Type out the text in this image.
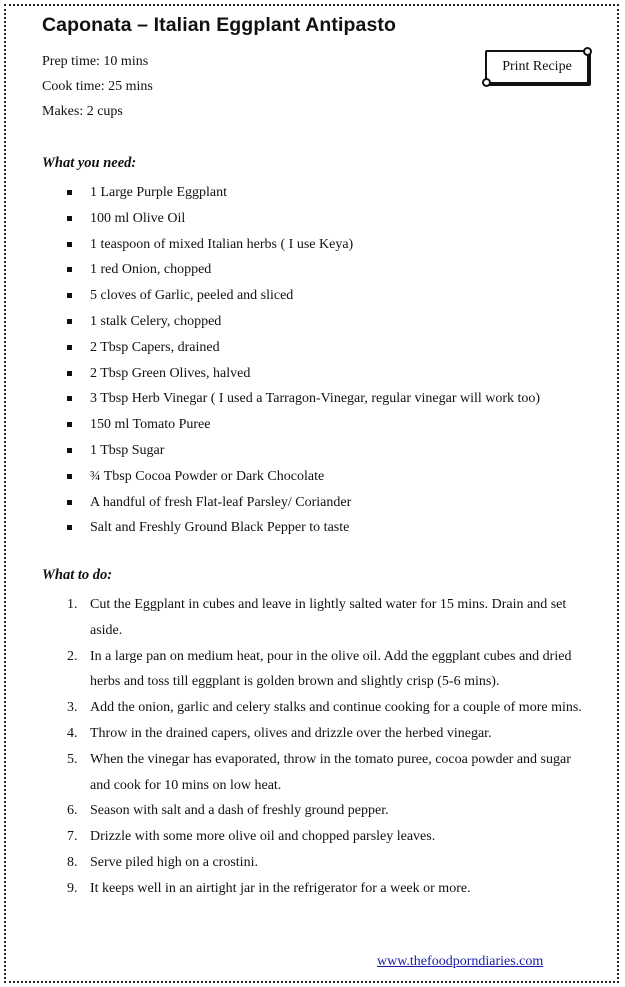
Caponata – Italian Eggplant Antipasto
Prep time: 10 mins
Cook time: 25 mins
Makes: 2 cups
Print Recipe
What you need:
1 Large Purple Eggplant
100 ml Olive Oil
1 teaspoon of mixed Italian herbs ( I use Keya)
1 red Onion, chopped
5 cloves of Garlic, peeled and sliced
1 stalk Celery, chopped
2 Tbsp Capers, drained
2 Tbsp Green Olives, halved
3 Tbsp Herb Vinegar ( I used a Tarragon-Vinegar, regular vinegar will work too)
150 ml Tomato Puree
1 Tbsp Sugar
¾ Tbsp Cocoa Powder or Dark Chocolate
A handful of fresh Flat-leaf Parsley/ Coriander
Salt and Freshly Ground Black Pepper to taste
What to do:
1. Cut the Eggplant in cubes and leave in lightly salted water for 15 mins. Drain and set aside.
2. In a large pan on medium heat, pour in the olive oil. Add the eggplant cubes and dried herbs and toss till eggplant is golden brown and slightly crisp (5-6 mins).
3. Add the onion, garlic and celery stalks and continue cooking for a couple of more mins.
4. Throw in the drained capers, olives and drizzle over the herbed vinegar.
5. When the vinegar has evaporated, throw in the tomato puree, cocoa powder and sugar and cook for 10 mins on low heat.
6. Season with salt and a dash of freshly ground pepper.
7. Drizzle with some more olive oil and chopped parsley leaves.
8. Serve piled high on a crostini.
9. It keeps well in an airtight jar in the refrigerator for a week or more.
www.thefoodporndiaries.com
